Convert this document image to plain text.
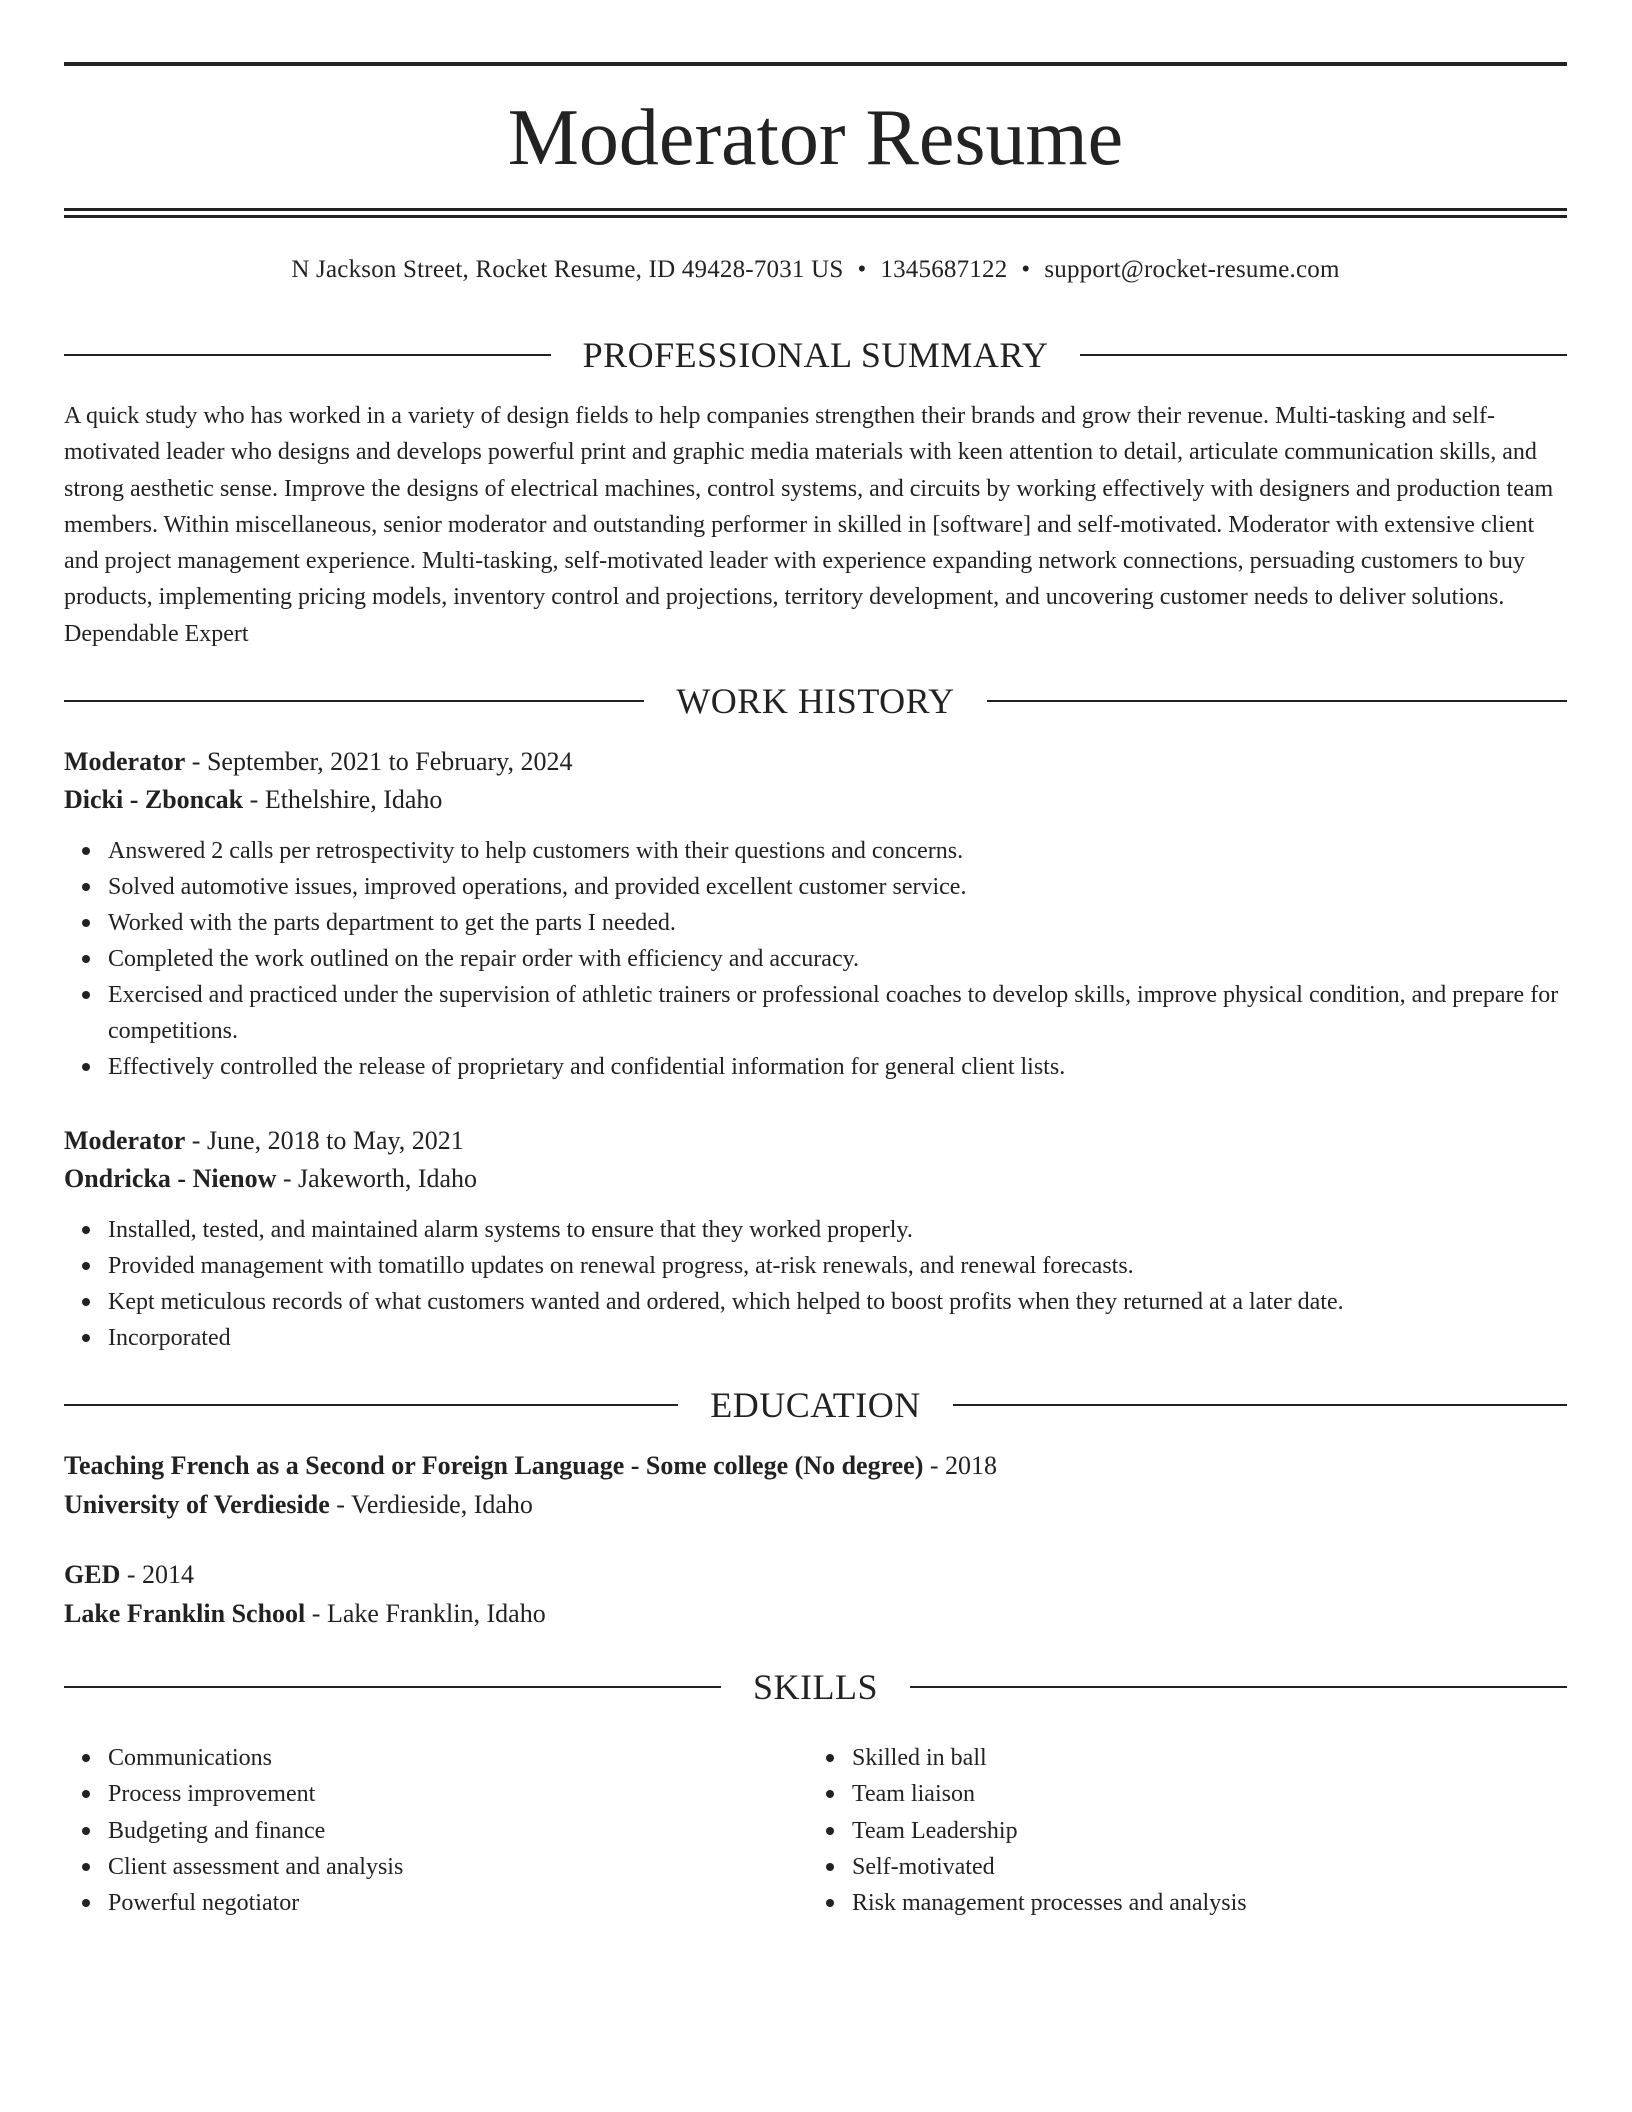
Moderator Resume
N Jackson Street, Rocket Resume, ID 49428-7031 US • 1345687122 • support@rocket-resume.com
PROFESSIONAL SUMMARY

A quick study who has worked in a variety of design fields to help companies strengthen their brands and grow their revenue. Multi-tasking and self-motivated leader who designs and develops powerful print and graphic media materials with keen attention to detail, articulate communication skills, and strong aesthetic sense. Improve the designs of electrical machines, control systems, and circuits by working effectively with designers and production team members. Within miscellaneous, senior moderator and outstanding performer in skilled in [software] and self-motivated. Moderator with extensive client and project management experience. Multi-tasking, self-motivated leader with experience expanding network connections, persuading customers to buy products, implementing pricing models, inventory control and projections, territory development, and uncovering customer needs to deliver solutions. Dependable Expert

WORK HISTORY
Moderator - September, 2021 to February, 2024
Dicki - Zboncak - Ethelshire, Idaho
Answered 2 calls per retrospectivity to help customers with their questions and concerns.
Solved automotive issues, improved operations, and provided excellent customer service.
Worked with the parts department to get the parts I needed.
Completed the work outlined on the repair order with efficiency and accuracy.
Exercised and practiced under the supervision of athletic trainers or professional coaches to develop skills, improve physical condition, and prepare for competitions.
Effectively controlled the release of proprietary and confidential information for general client lists.
Moderator - June, 2018 to May, 2021
Ondricka - Nienow - Jakeworth, Idaho
Installed, tested, and maintained alarm systems to ensure that they worked properly.
Provided management with tomatillo updates on renewal progress, at-risk renewals, and renewal forecasts.
Kept meticulous records of what customers wanted and ordered, which helped to boost profits when they returned at a later date.
Incorporated
EDUCATION
Teaching French as a Second or Foreign Language - Some college (No degree) - 2018
University of Verdieside - Verdieside, Idaho
GED - 2014
Lake Franklin School - Lake Franklin, Idaho
SKILLS
Communications
Process improvement
Budgeting and finance
Client assessment and analysis
Powerful negotiator
Skilled in ball
Team liaison
Team Leadership
Self-motivated
Risk management processes and analysis
